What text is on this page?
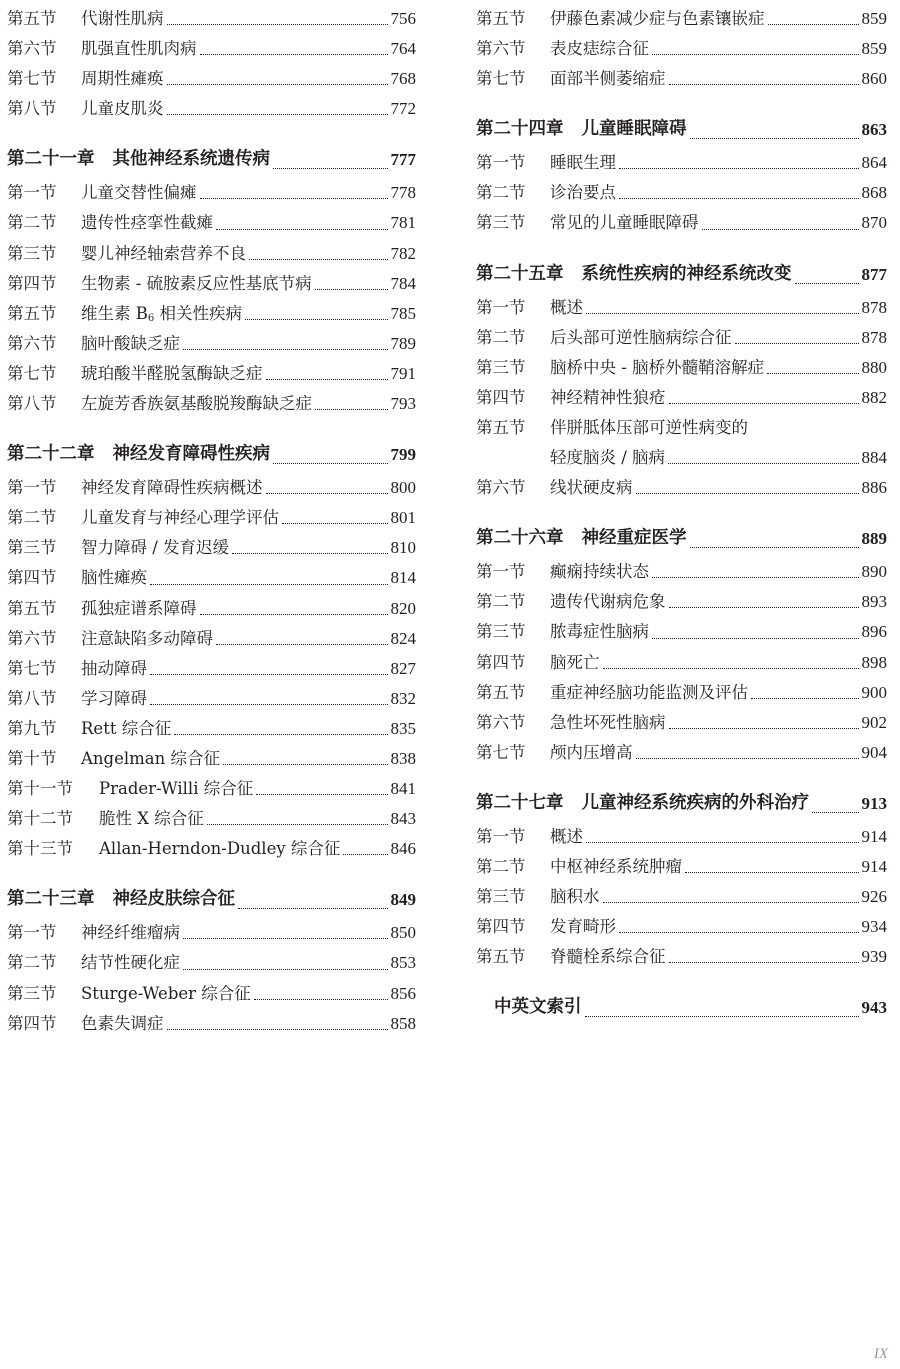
第五节	代谢性肌病	756
第六节	肌强直性肌肉病	764
第七节	周期性瘫痪	768
第八节	儿童皮肌炎	772
第二十一章 其他神经系统遗传病	777
第一节	儿童交替性偏瘫	778
第二节	遗传性痉挛性截瘫	781
第三节	婴儿神经轴索营养不良	782
第四节	生物素 - 硫胺素反应性基底节病	784
第五节	维生素 $B_6$ 相关性疾病	785
第六节	脑叶酸缺乏症	789
第七节	琥珀酸半醛脱氢酶缺乏症	791
第八节	左旋芳香族氨基酸脱羧酶缺乏症	793
第二十二章 神经发育障碍性疾病	799
第一节	神经发育障碍性疾病概述	800
第二节	儿童发育与神经心理学评估	801
第三节	智力障碍 / 发育迟缓	810
第四节	脑性瘫痪	814
第五节	孤独症谱系障碍	820
第六节	注意缺陷多动障碍	824
第七节	抽动障碍	827
第八节	学习障碍	832
第九节	Rett 综合征	835
第十节	Angelman 综合征	838
第十一节	Prader-Willi 综合征	841
第十二节	脆性 X 综合征	843
第十三节	Allan-Herndon-Dudley 综合征	846
第二十三章 神经皮肤综合征	849
第一节	神经纤维瘤病	850
第二节	结节性硬化症	853
第三节	Sturge-Weber 综合征	856
第四节	色素失调症	858
第五节	伊藤色素减少症与色素镶嵌症	859
第六节	表皮痣综合征	859
第七节	面部半侧萎缩症	860
第二十四章 儿童睡眠障碍	863
第一节	睡眠生理	864
第二节	诊治要点	868
第三节	常见的儿童睡眠障碍	870
第二十五章 系统性疾病的神经系统改变	877
第一节	概述	878
第二节	后头部可逆性脑病综合征	878
第三节	脑桥中央 - 脑桥外髓鞘溶解症	880
第四节	神经精神性狼疮	882
第五节	伴胼胝体压部可逆性病变的
轻度脑炎 / 脑病	884
第六节	线状硬皮病	886
第二十六章 神经重症医学	889
第一节	癫痫持续状态	890
第二节	遗传代谢病危象	893
第三节	脓毒症性脑病	896
第四节	脑死亡	898
第五节	重症神经脑功能监测及评估	900
第六节	急性坏死性脑病	902
第七节	颅内压增高	904
第二十七章 儿童神经系统疾病的外科治疗	913
第一节	概述	914
第二节	中枢神经系统肿瘤	914
第三节	脑积水	926
第四节	发育畸形	934
第五节	脊髓栓系综合征	939
中英文索引	943
IX
